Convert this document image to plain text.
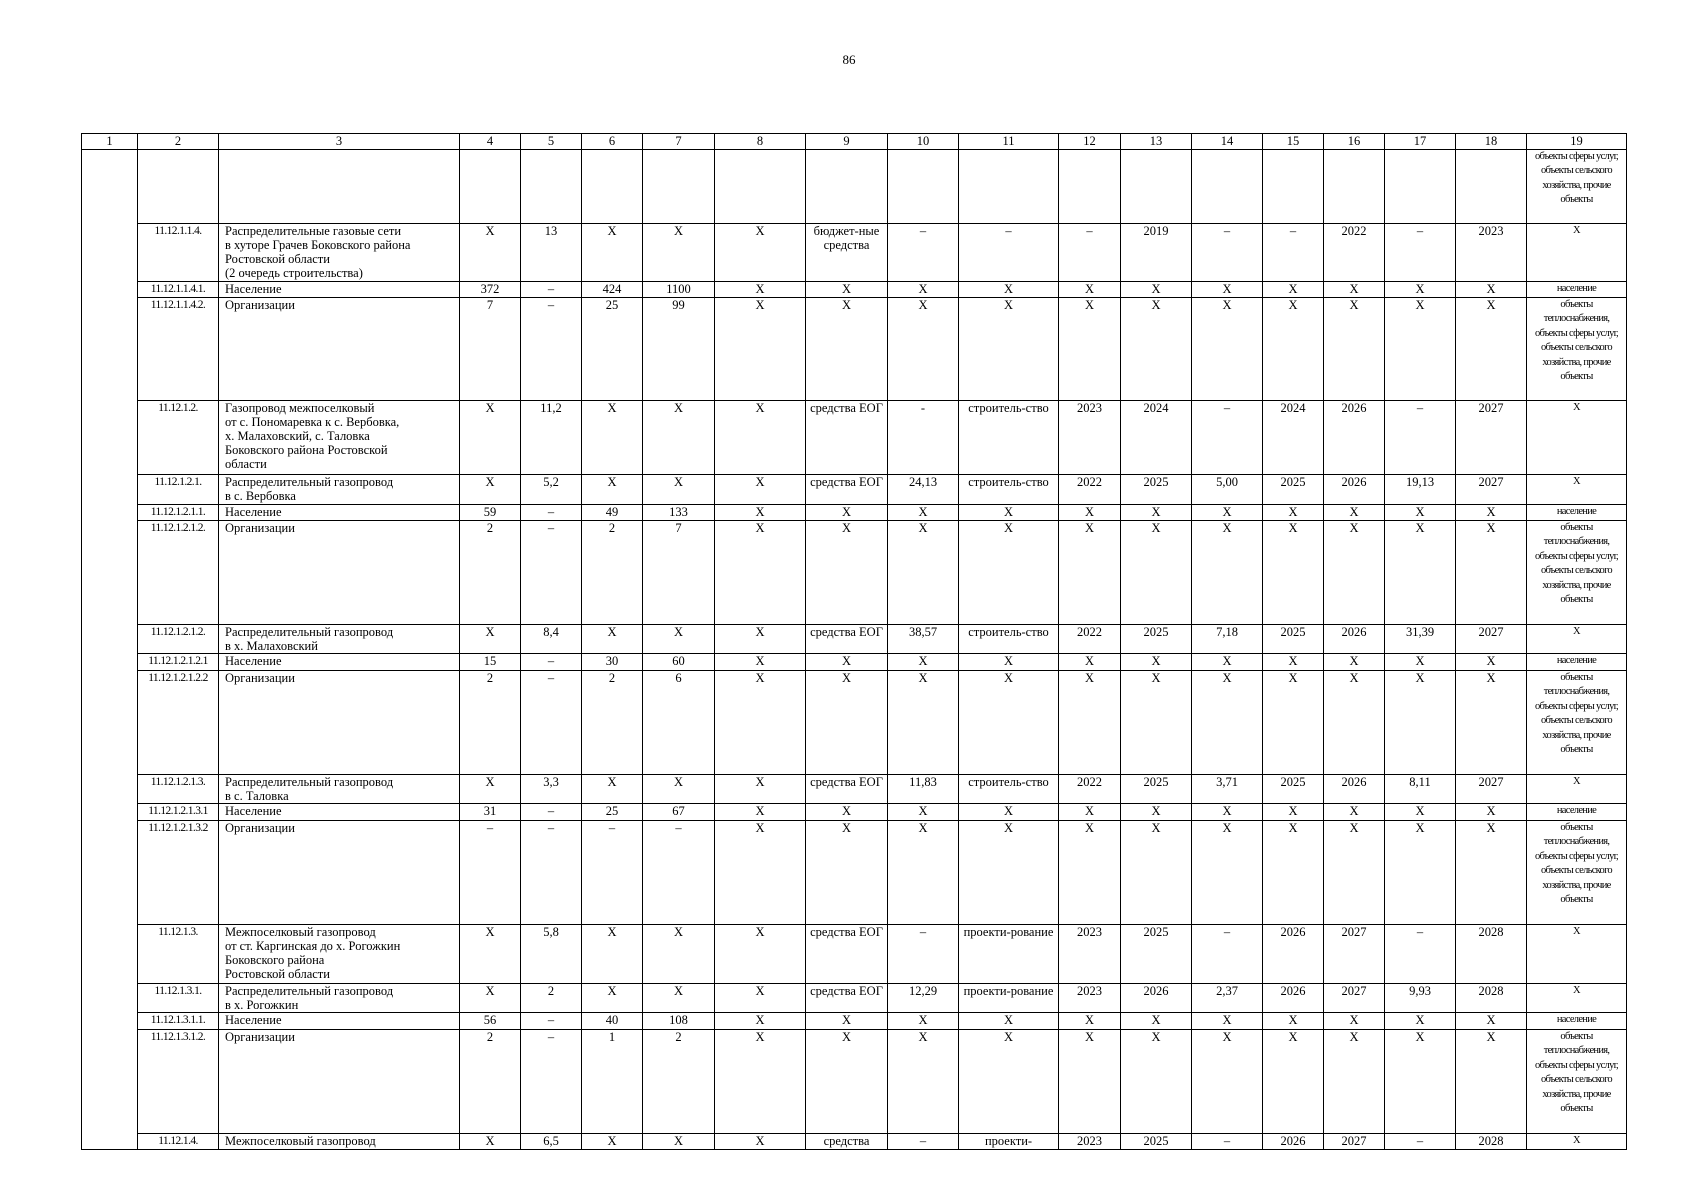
86
1	2	3	4	5	6	7	8	9	10	11	12	13	14	15	16	17	18	19

																объекты сферы услуг, объекты сельского хозяйства, прочие объекты
	11.12.1.1.4.	Распределительные газовые сети
в хуторе Грачев Боковского района
Ростовской области
(2 очередь строительства)	Х	13	Х	Х	Х	бюджет-ные средства	–	–	–	2019	–	–	2022	–	2023	Х
	11.12.1.1.4.1.	Население	372	–	424	1100	Х	Х	Х	Х	Х	Х	Х	Х	Х	Х	Х	население
	11.12.1.1.4.2.	Организации	7	–	25	99	Х	Х	Х	Х	Х	Х	Х	Х	Х	Х	Х	объекты теплоснабжения, объекты сферы услуг, объекты сельского хозяйства, прочие объекты
	11.12.1.2.	Газопровод межпоселковый
от с. Пономаревка к с. Вербовка,
х. Малаховский, с. Таловка
Боковского района Ростовской
области	Х	11,2	Х	Х	Х	средства ЕОГ	-	строитель-ство	2023	2024	–	2024	2026	–	2027	Х
	11.12.1.2.1.	Распределительный газопровод
в с. Вербовка	Х	5,2	Х	Х	Х	средства ЕОГ	24,13	строитель-ство	2022	2025	5,00	2025	2026	19,13	2027	Х
	11.12.1.2.1.1.	Население	59	–	49	133	Х	Х	Х	Х	Х	Х	Х	Х	Х	Х	Х	население
	11.12.1.2.1.2.	Организации	2	–	2	7	Х	Х	Х	Х	Х	Х	Х	Х	Х	Х	Х	объекты теплоснабжения, объекты сферы услуг, объекты сельского хозяйства, прочие объекты
	11.12.1.2.1.2.	Распределительный газопровод
в х. Малаховский	Х	8,4	Х	Х	Х	средства ЕОГ	38,57	строитель-ство	2022	2025	7,18	2025	2026	31,39	2027	Х
	11.12.1.2.1.2.1	Население	15	–	30	60	Х	Х	Х	Х	Х	Х	Х	Х	Х	Х	Х	население
	11.12.1.2.1.2.2	Организации	2	–	2	6	Х	Х	Х	Х	Х	Х	Х	Х	Х	Х	Х	объекты теплоснабжения, объекты сферы услуг, объекты сельского хозяйства, прочие объекты
	11.12.1.2.1.3.	Распределительный газопровод
в с. Таловка	Х	3,3	Х	Х	Х	средства ЕОГ	11,83	строитель-ство	2022	2025	3,71	2025	2026	8,11	2027	Х
	11.12.1.2.1.3.1	Население	31	–	25	67	Х	Х	Х	Х	Х	Х	Х	Х	Х	Х	Х	население
	11.12.1.2.1.3.2	Организации	–	–	–	–	Х	Х	Х	Х	Х	Х	Х	Х	Х	Х	Х	объекты теплоснабжения, объекты сферы услуг, объекты сельского хозяйства, прочие объекты
	11.12.1.3.	Межпоселковый газопровод
от ст. Каргинская до х. Рогожкин
Боковского района
Ростовской области	Х	5,8	Х	Х	Х	средства ЕОГ	–	проекти-рование	2023	2025	–	2026	2027	–	2028	Х
	11.12.1.3.1.	Распределительный газопровод
в х. Рогожкин	Х	2	Х	Х	Х	средства ЕОГ	12,29	проекти-рование	2023	2026	2,37	2026	2027	9,93	2028	Х
	11.12.1.3.1.1.	Население	56	–	40	108	Х	Х	Х	Х	Х	Х	Х	Х	Х	Х	Х	население
	11.12.1.3.1.2.	Организации	2	–	1	2	Х	Х	Х	Х	Х	Х	Х	Х	Х	Х	Х	объекты теплоснабжения, объекты сферы услуг, объекты сельского хозяйства, прочие объекты
	11.12.1.4.	Межпоселковый газопровод	Х	6,5	Х	Х	Х	средства	–	проекти-	2023	2025	–	2026	2027	–	2028	Х
